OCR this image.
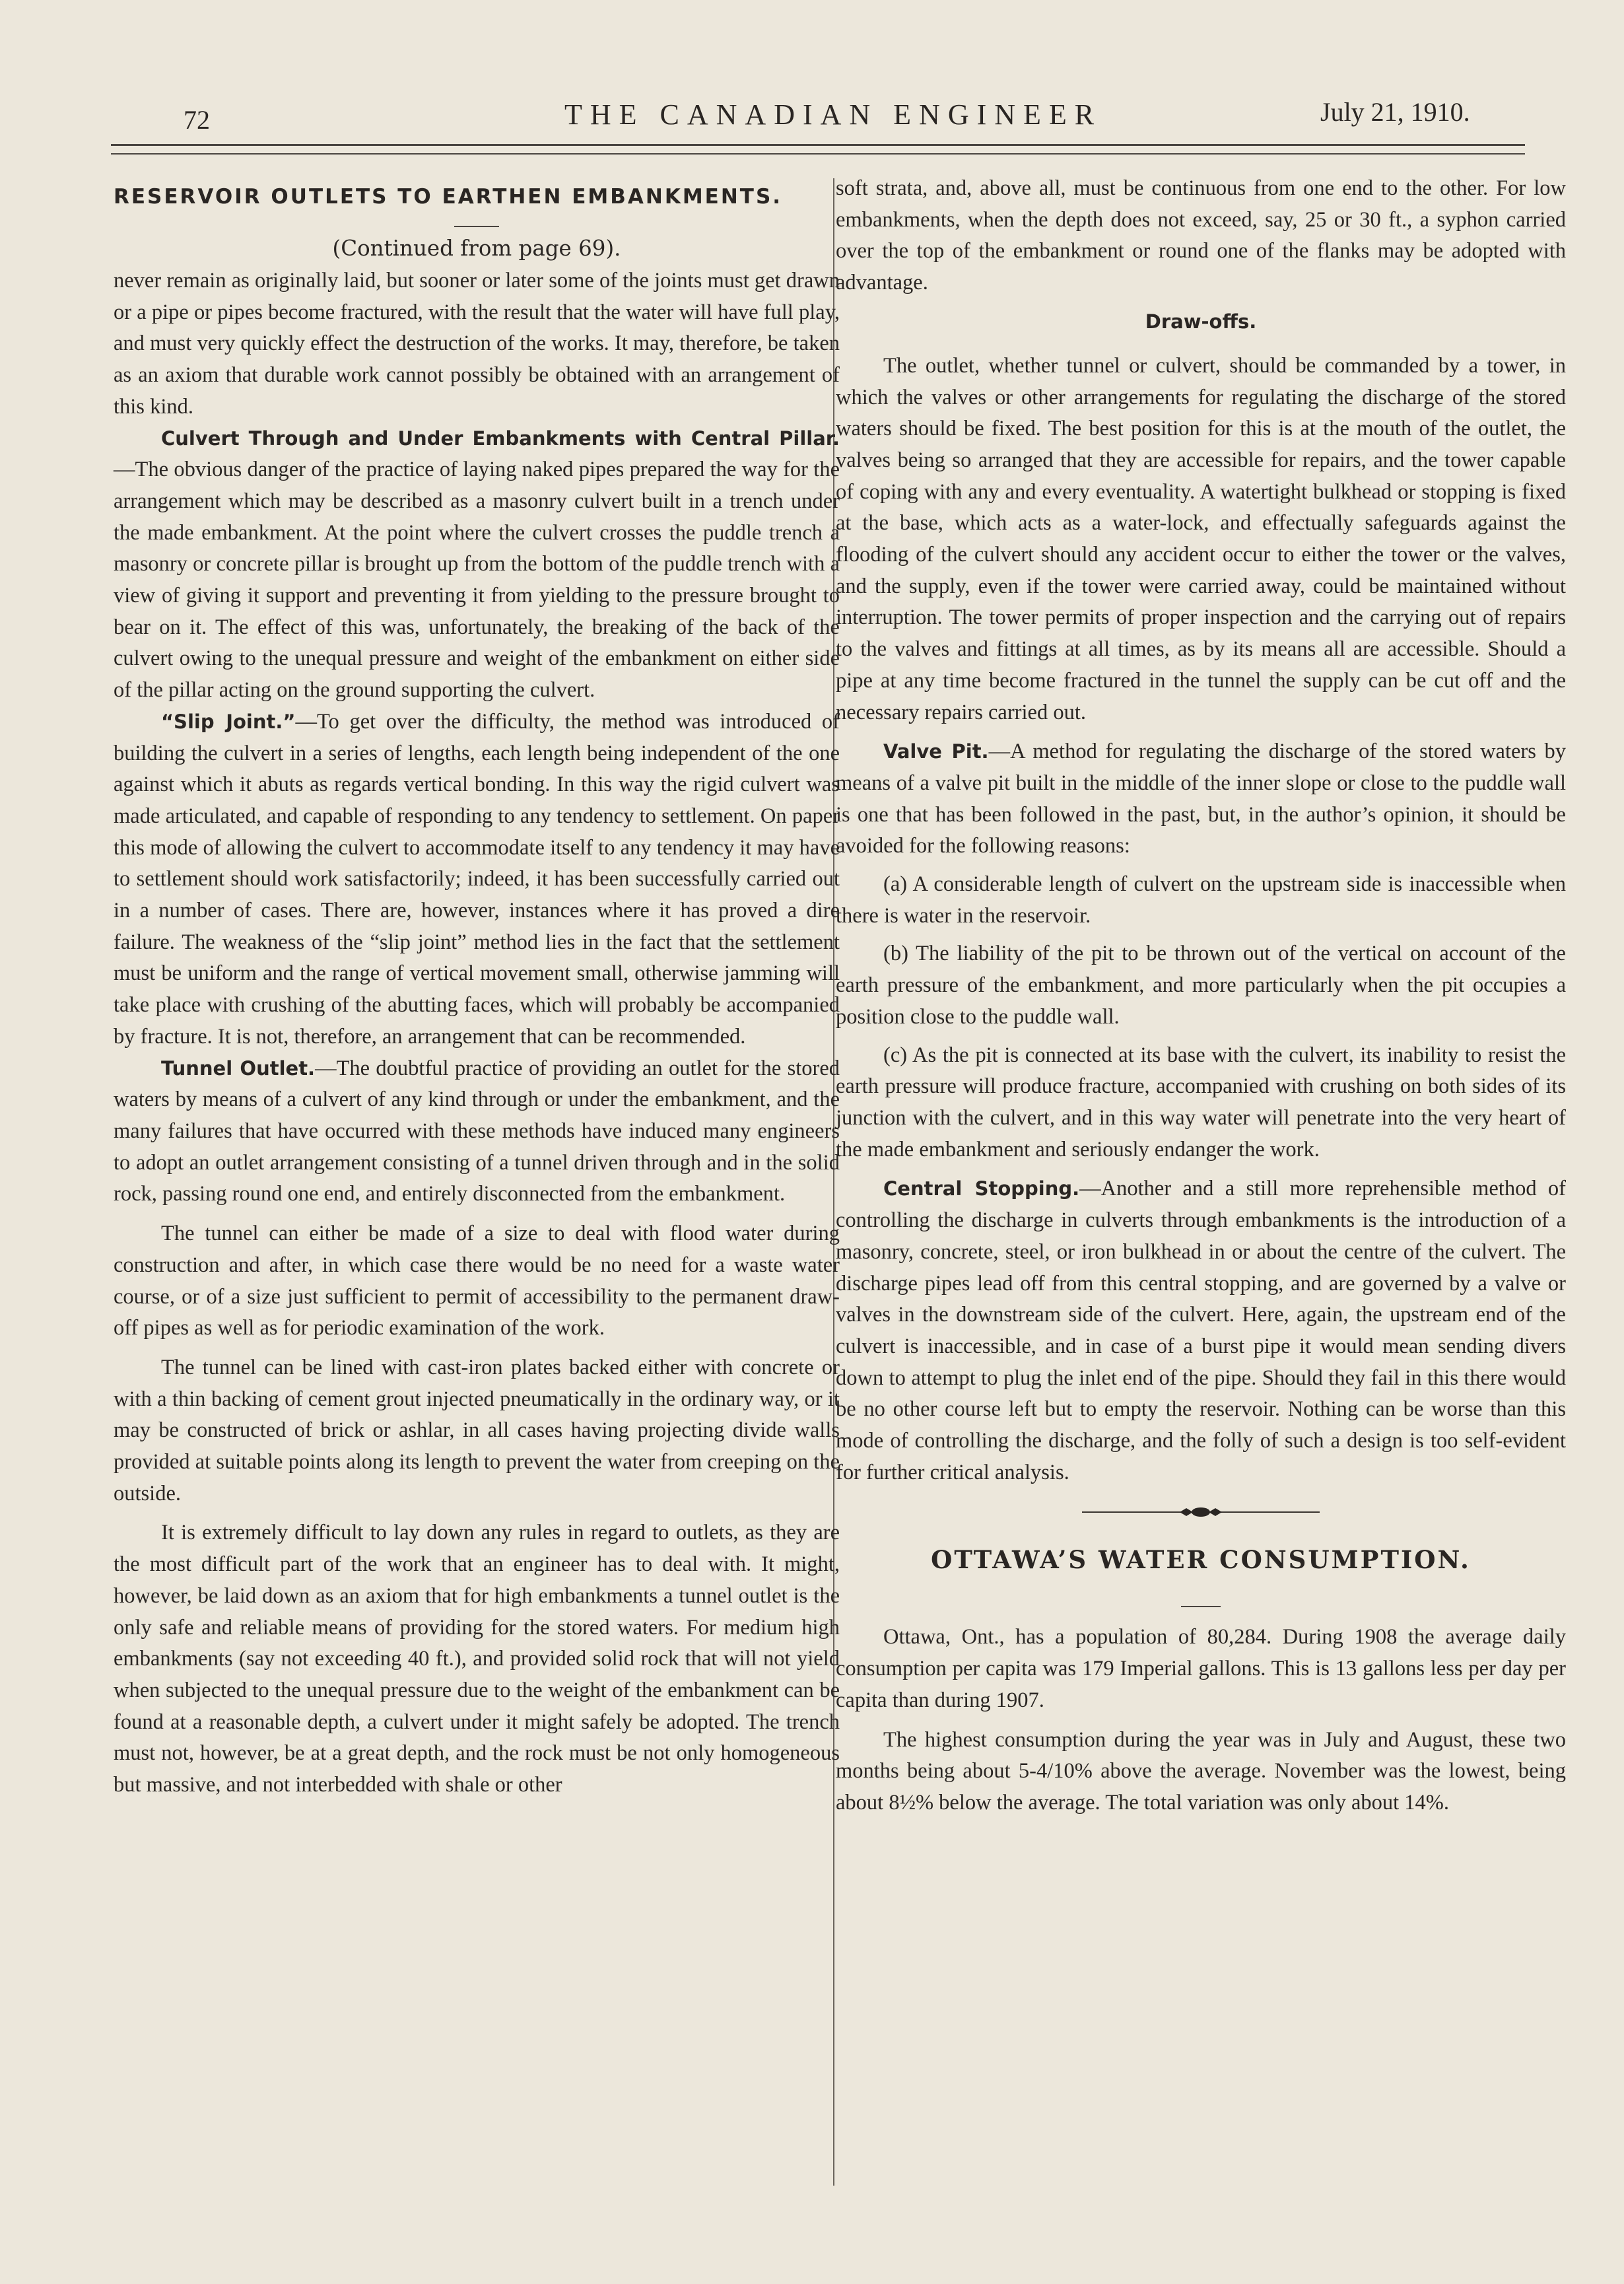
72	THE CANADIAN ENGINEER	July 21, 1910.
RESERVOIR OUTLETS TO EARTHEN EMBANKMENTS.
(Continued from page 69).

never remain as originally laid, but sooner or later some of the joints must get drawn or a pipe or pipes become fractured, with the result that the water will have full play, and must very quickly effect the destruction of the works. It may, therefore, be taken as an axiom that durable work cannot possibly be obtained with an arrangement of this kind.

Culvert Through and Under Embankments with Central Pillar.—The obvious danger of the practice of laying naked pipes prepared the way for the arrangement which may be described as a masonry culvert built in a trench under the made embankment. At the point where the culvert crosses the puddle trench a masonry or concrete pillar is brought up from the bottom of the puddle trench with a view of giving it support and preventing it from yielding to the pressure brought to bear on it. The effect of this was, unfortunately, the breaking of the back of the culvert owing to the unequal pressure and weight of the embankment on either side of the pillar acting on the ground supporting the culvert.

“Slip Joint.”—To get over the difficulty, the method was introduced of building the culvert in a series of lengths, each length being independent of the one against which it abuts as regards vertical bonding. In this way the rigid culvert was made articulated, and capable of responding to any tendency to settlement. On paper this mode of allowing the culvert to accommodate itself to any tendency it may have to settlement should work satisfactorily; indeed, it has been successfully carried out in a number of cases. There are, however, instances where it has proved a dire failure. The weakness of the “slip joint” method lies in the fact that the settlement must be uniform and the range of vertical movement small, otherwise jamming will take place with crushing of the abutting faces, which will probably be accompanied by fracture. It is not, therefore, an arrangement that can be recommended.

Tunnel Outlet.—The doubtful practice of providing an outlet for the stored waters by means of a culvert of any kind through or under the embankment, and the many failures that have occurred with these methods have induced many engineers to adopt an outlet arrangement consisting of a tunnel driven through and in the solid rock, passing round one end, and entirely disconnected from the embankment.

The tunnel can either be made of a size to deal with flood water during construction and after, in which case there would be no need for a waste water course, or of a size just sufficient to permit of accessibility to the permanent draw-off pipes as well as for periodic examination of the work.

The tunnel can be lined with cast-iron plates backed either with concrete or with a thin backing of cement grout injected pneumatically in the ordinary way, or it may be constructed of brick or ashlar, in all cases having projecting divide walls provided at suitable points along its length to prevent the water from creeping on the outside.

It is extremely difficult to lay down any rules in regard to outlets, as they are the most difficult part of the work that an engineer has to deal with. It might, however, be laid down as an axiom that for high embankments a tunnel outlet is the only safe and reliable means of providing for the stored waters. For medium high embankments (say not exceeding 40 ft.), and provided solid rock that will not yield when subjected to the unequal pressure due to the weight of the embankment can be found at a reasonable depth, a culvert under it might safely be adopted. The trench must not, however, be at a great depth, and the rock must be not only homogeneous but massive, and not interbedded with shale or other

soft strata, and, above all, must be continuous from one end to the other. For low embankments, when the depth does not exceed, say, 25 or 30 ft., a syphon carried over the top of the embankment or round one of the flanks may be adopted with advantage.

Draw-offs.

The outlet, whether tunnel or culvert, should be commanded by a tower, in which the valves or other arrangements for regulating the discharge of the stored waters should be fixed. The best position for this is at the mouth of the outlet, the valves being so arranged that they are accessible for repairs, and the tower capable of coping with any and every eventuality. A watertight bulkhead or stopping is fixed at the base, which acts as a water-lock, and effectually safeguards against the flooding of the culvert should any accident occur to either the tower or the valves, and the supply, even if the tower were carried away, could be maintained without interruption. The tower permits of proper inspection and the carrying out of repairs to the valves and fittings at all times, as by its means all are accessible. Should a pipe at any time become fractured in the tunnel the supply can be cut off and the necessary repairs carried out.

Valve Pit.—A method for regulating the discharge of the stored waters by means of a valve pit built in the middle of the inner slope or close to the puddle wall is one that has been followed in the past, but, in the author’s opinion, it should be avoided for the following reasons:

(a) A considerable length of culvert on the upstream side is inaccessible when there is water in the reservoir.

(b) The liability of the pit to be thrown out of the vertical on account of the earth pressure of the embankment, and more particularly when the pit occupies a position close to the puddle wall.

(c) As the pit is connected at its base with the culvert, its inability to resist the earth pressure will produce fracture, accompanied with crushing on both sides of its junction with the culvert, and in this way water will penetrate into the very heart of the made embankment and seriously endanger the work.

Central Stopping.—Another and a still more reprehensible method of controlling the discharge in culverts through embankments is the introduction of a masonry, concrete, steel, or iron bulkhead in or about the centre of the culvert. The discharge pipes lead off from this central stopping, and are governed by a valve or valves in the downstream side of the culvert. Here, again, the upstream end of the culvert is inaccessible, and in case of a burst pipe it would mean sending divers down to attempt to plug the inlet end of the pipe. Should they fail in this there would be no other course left but to empty the reservoir. Nothing can be worse than this mode of controlling the discharge, and the folly of such a design is too self-evident for further critical analysis.

OTTAWA’S WATER CONSUMPTION.

Ottawa, Ont., has a population of 80,284. During 1908 the average daily consumption per capita was 179 Imperial gallons. This is 13 gallons less per day per capita than during 1907.

The highest consumption during the year was in July and August, these two months being about 5-4/10% above the average. November was the lowest, being about 8½% below the average. The total variation was only about 14%.
